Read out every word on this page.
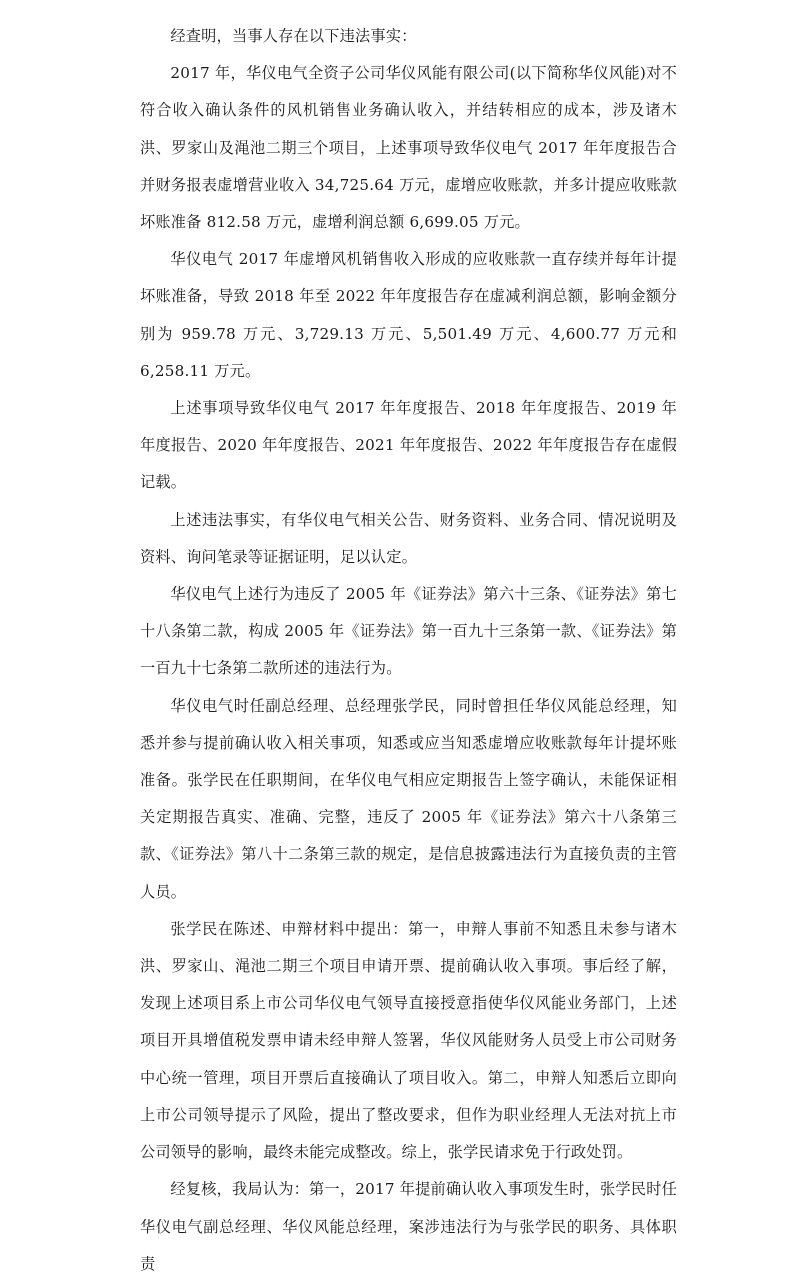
经查明，当事人存在以下违法事实：

2017 年，华仪电气全资子公司华仪风能有限公司(以下简称华仪风能)对不符合收入确认条件的风机销售业务确认收入，并结转相应的成本，涉及诸木洪、罗家山及渑池二期三个项目，上述事项导致华仪电气 2017 年年度报告合并财务报表虚增营业收入 34,725.64 万元，虚增应收账款，并多计提应收账款坏账准备 812.58 万元，虚增利润总额 6,699.05 万元。

华仪电气 2017 年虚增风机销售收入形成的应收账款一直存续并每年计提坏账准备，导致 2018 年至 2022 年年度报告存在虚减利润总额，影响金额分别为 959.78 万元、3,729.13 万元、5,501.49 万元、4,600.77 万元和 6,258.11 万元。

上述事项导致华仪电气 2017 年年度报告、2018 年年度报告、2019 年年度报告、2020 年年度报告、2021 年年度报告、2022 年年度报告存在虚假记载。

上述违法事实，有华仪电气相关公告、财务资料、业务合同、情况说明及资料、询问笔录等证据证明，足以认定。

华仪电气上述行为违反了 2005 年《证券法》第六十三条、《证券法》第七十八条第二款，构成 2005 年《证券法》第一百九十三条第一款、《证券法》第一百九十七条第二款所述的违法行为。

华仪电气时任副总经理、总经理张学民，同时曾担任华仪风能总经理，知悉并参与提前确认收入相关事项，知悉或应当知悉虚增应收账款每年计提坏账准备。张学民在任职期间，在华仪电气相应定期报告上签字确认，未能保证相关定期报告真实、准确、完整，违反了 2005 年《证券法》第六十八条第三款、《证券法》第八十二条第三款的规定，是信息披露违法行为直接负责的主管人员。

张学民在陈述、申辩材料中提出：第一，申辩人事前不知悉且未参与诸木洪、罗家山、渑池二期三个项目申请开票、提前确认收入事项。事后经了解，发现上述项目系上市公司华仪电气领导直接授意指使华仪风能业务部门，上述项目开具增值税发票申请未经申辩人签署，华仪风能财务人员受上市公司财务中心统一管理，项目开票后直接确认了项目收入。第二，申辩人知悉后立即向上市公司领导提示了风险，提出了整改要求，但作为职业经理人无法对抗上市公司领导的影响，最终未能完成整改。综上，张学民请求免于行政处罚。

经复核，我局认为：第一，2017 年提前确认收入事项发生时，张学民时任华仪电气副总经理、华仪风能总经理，案涉违法行为与张学民的职务、具体职责
